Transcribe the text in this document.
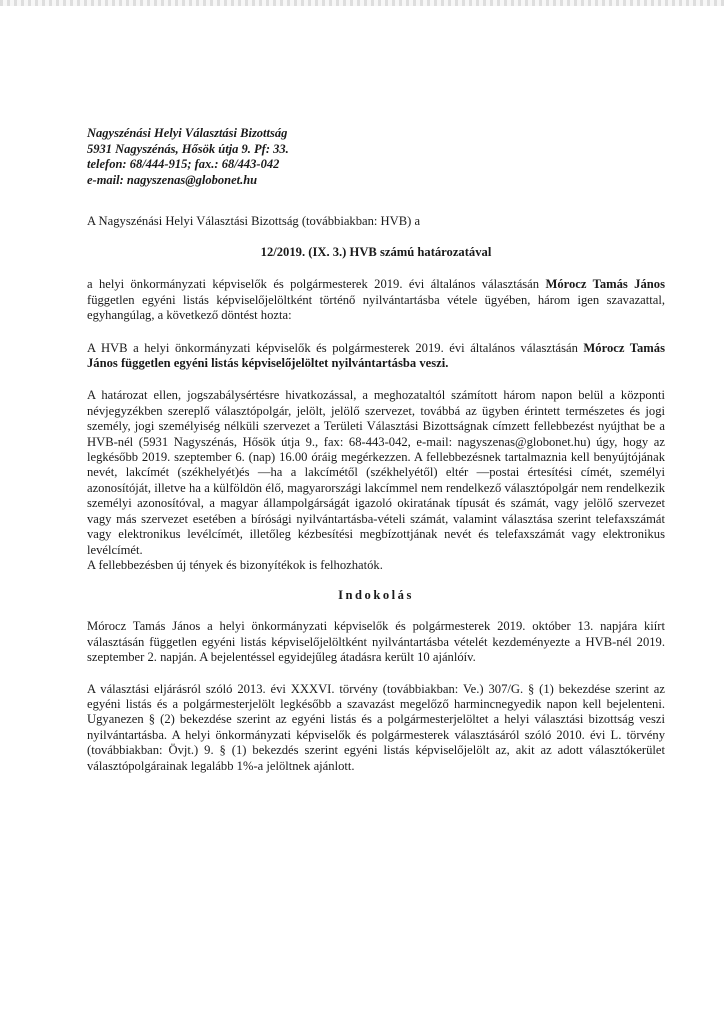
Nagyszénási Helyi Választási Bizottság
5931 Nagyszénás, Hősök útja 9. Pf: 33.
telefon: 68/444-915; fax.: 68/443-042
e-mail: nagyszenas@globonet.hu

A Nagyszénási Helyi Választási Bizottság (továbbiakban: HVB) a

12/2019. (IX. 3.) HVB számú határozatával

a helyi önkormányzati képviselők és polgármesterek 2019. évi általános választásán Mórocz Tamás János független egyéni listás képviselőjelöltként történő nyilvántartásba vétele ügyében, három igen szavazattal, egyhangúlag, a következő döntést hozta:

A HVB a helyi önkormányzati képviselők és polgármesterek 2019. évi általános választásán Mórocz Tamás János független egyéni listás képviselőjelöltet nyilvántartásba veszi.

A határozat ellen, jogszabálysértésre hivatkozással, a meghozataltól számított három napon belül a központi névjegyzékben szereplő választópolgár, jelölt, jelölő szervezet, továbbá az ügyben érintett természetes és jogi személy, jogi személyiség nélküli szervezet a Területi Választási Bizottságnak címzett fellebbezést nyújthat be a HVB-nél (5931 Nagyszénás, Hősök útja 9., fax: 68-443-042, e-mail: nagyszenas@globonet.hu) úgy, hogy az legkésőbb 2019. szeptember 6. (nap) 16.00 óráig megérkezzen. A fellebbezésnek tartalmaznia kell benyújtójának nevét, lakcímét (székhelyét)és —ha a lakcímétől (székhelyétől) eltér —postai értesítési címét, személyi azonosítóját, illetve ha a külföldön élő, magyarországi lakcímmel nem rendelkező választópolgár nem rendelkezik személyi azonosítóval, a magyar állampolgárságát igazoló okiratának típusát és számát, vagy jelölő szervezet vagy más szervezet esetében a bírósági nyilvántartásba-vételi számát, valamint választása szerint telefaxszámát vagy elektronikus levélcímét, illetőleg kézbesítési megbízottjának nevét és telefaxszámát vagy elektronikus levélcímét.

A fellebbezésben új tények és bizonyítékok is felhozhatók.

Indokolás

Mórocz Tamás János a helyi önkormányzati képviselők és polgármesterek 2019. október 13. napjára kiírt választásán független egyéni listás képviselőjelöltként nyilvántartásba vételét kezdeményezte a HVB-nél 2019. szeptember 2. napján. A bejelentéssel egyidejűleg átadásra került 10 ajánlóív.

A választási eljárásról szóló 2013. évi XXXVI. törvény (továbbiakban: Ve.) 307/G. § (1) bekezdése szerint az egyéni listás és a polgármesterjelölt legkésőbb a szavazást megelőző harmincnegyedik napon kell bejelenteni. Ugyanezen § (2) bekezdése szerint az egyéni listás és a polgármesterjelöltet a helyi választási bizottság veszi nyilvántartásba. A helyi önkormányzati képviselők és polgármesterek választásáról szóló 2010. évi L. törvény (továbbiakban: Övjt.) 9. § (1) bekezdés szerint egyéni listás képviselőjelölt az, akit az adott választókerület választópolgárainak legalább 1%-a jelöltnek ajánlott.
